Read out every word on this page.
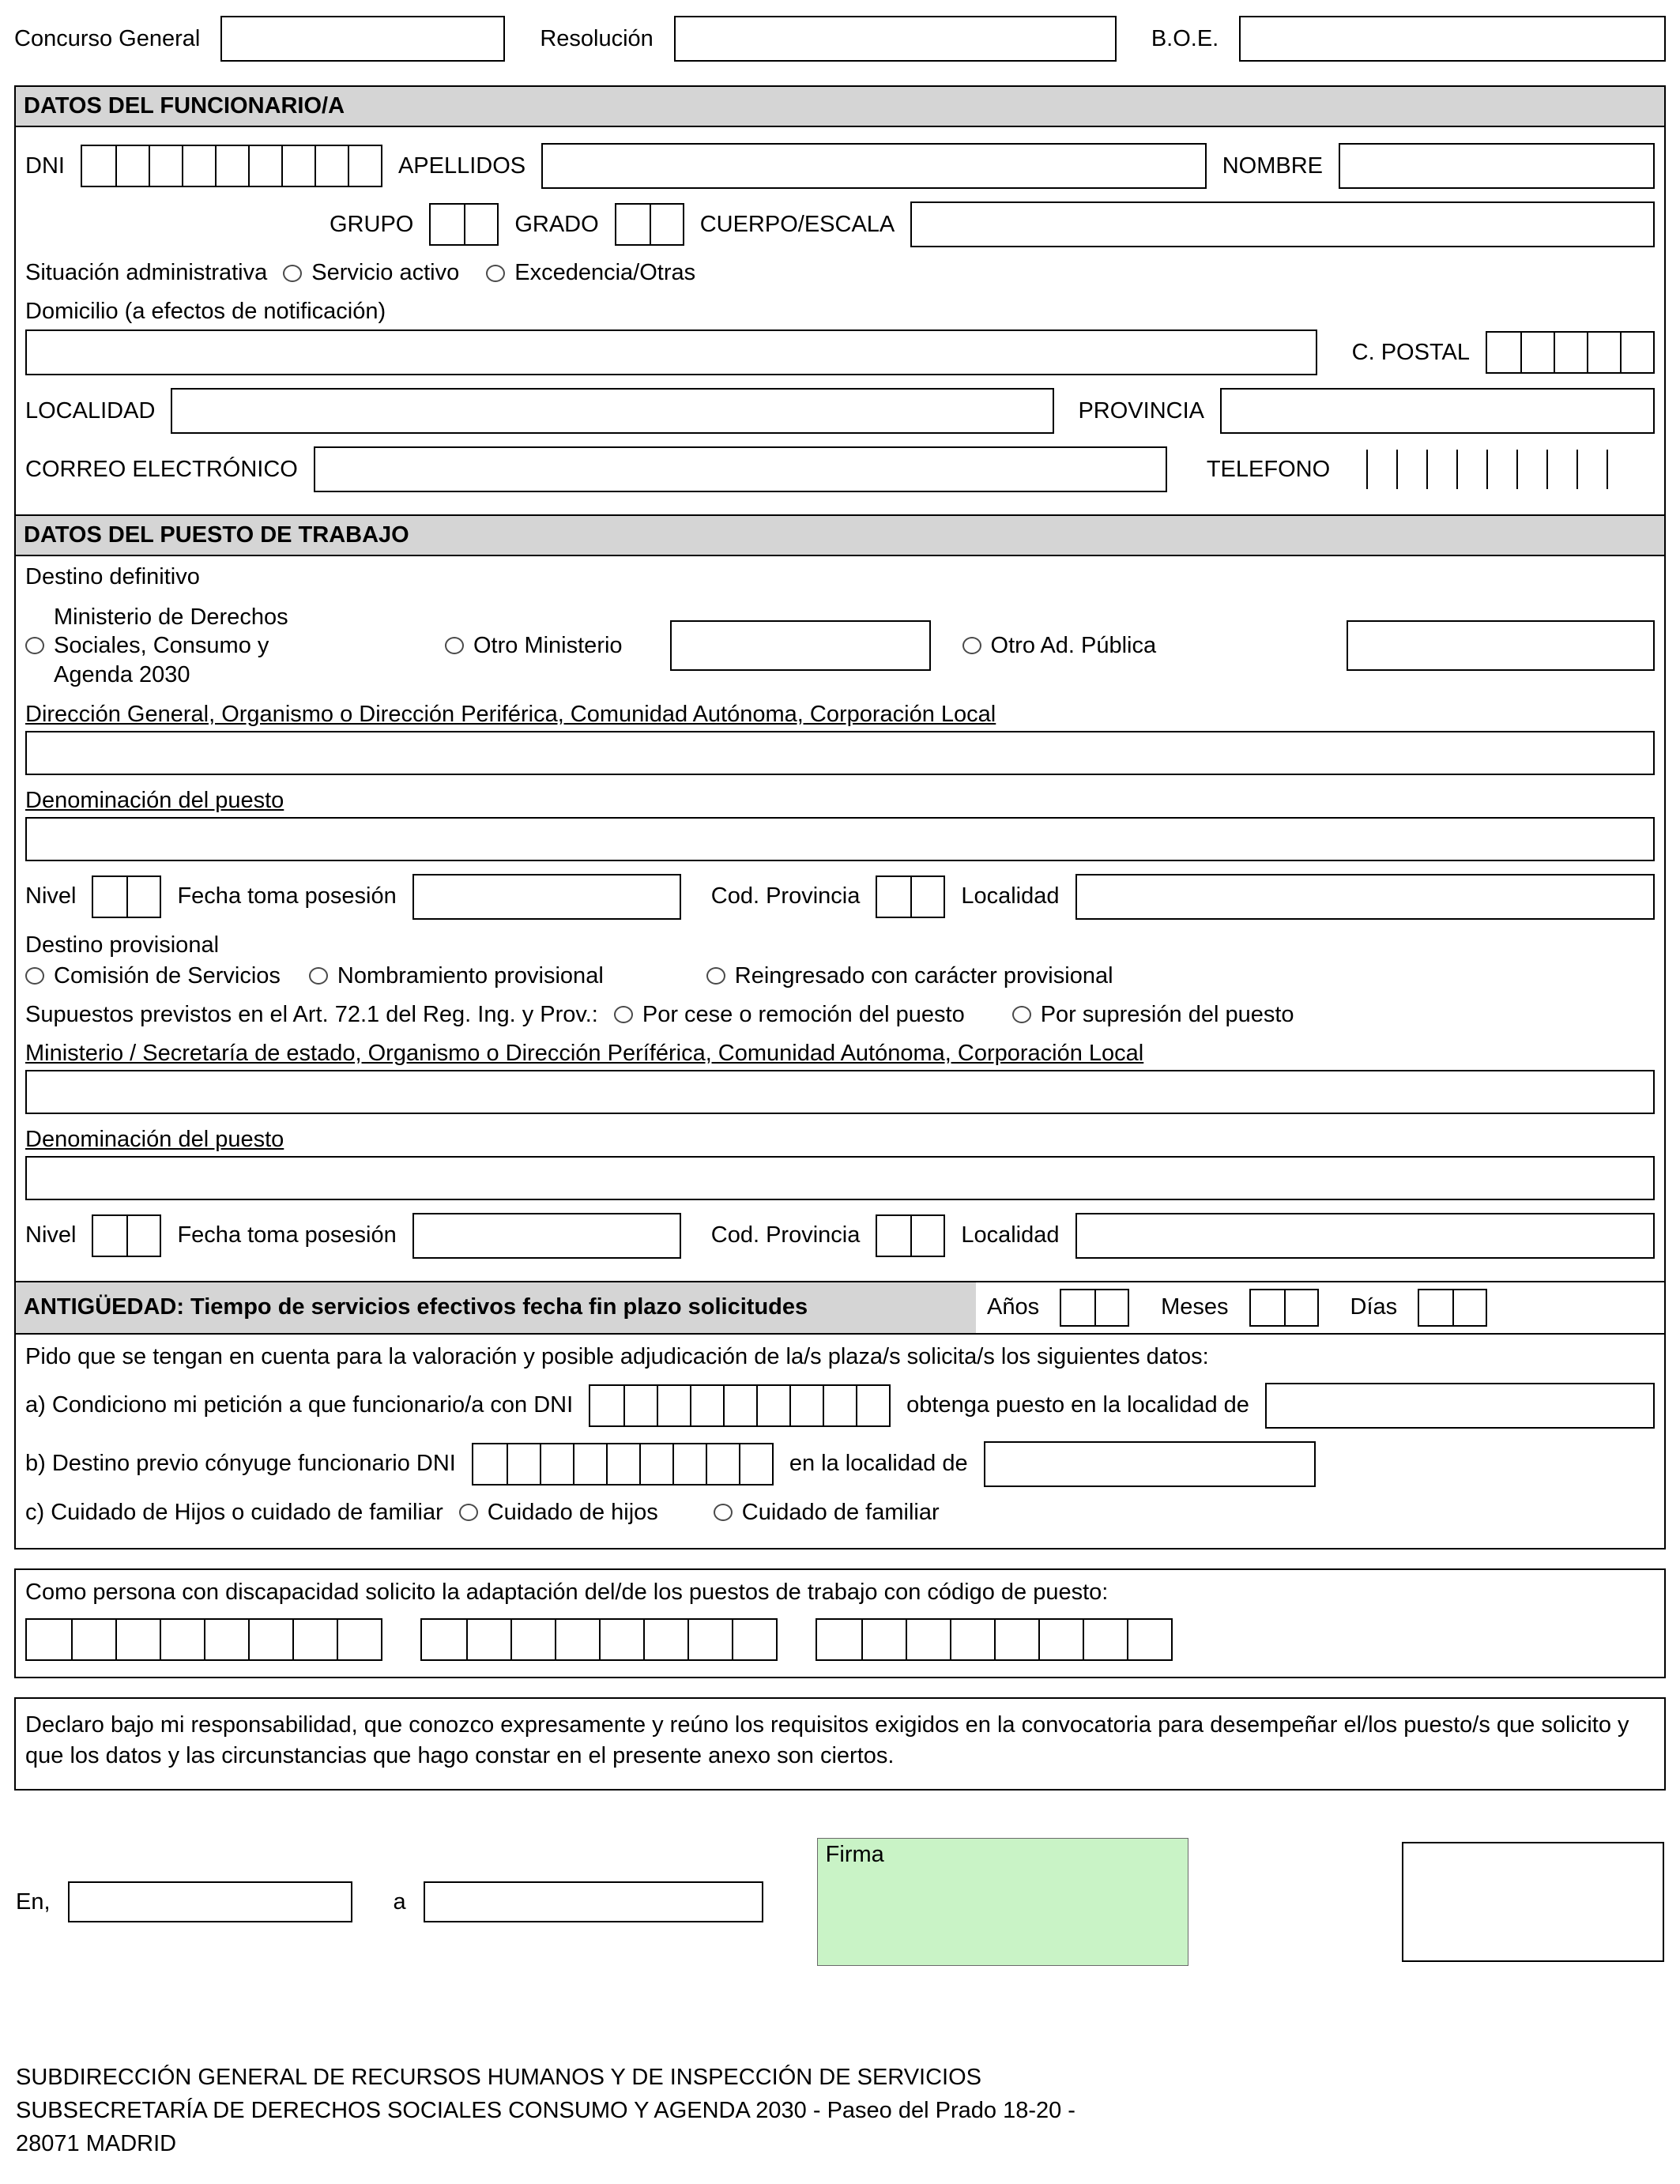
Concurso General	Resolución	B.O.E.
DATOS DEL FUNCIONARIO/A
DNI	APELLIDOS	NOMBRE
GRUPO	GRADO	CUERPO/ESCALA
Situación administrativa Servicio activo Excedencia/Otras
Domicilio (a efectos de notificación)
C. POSTAL
LOCALIDAD	PROVINCIA
CORREO ELECTRÓNICO	TELEFONO
DATOS DEL PUESTO DE TRABAJO
Destino definitivo
Ministerio de Derechos Sociales, Consumo y Agenda 2030
Otro Ministerio	Otro Ad. Pública
Dirección General, Organismo o Dirección Periférica, Comunidad Autónoma, Corporación Local
Denominación del puesto
Nivel	Fecha toma posesión	Cod. Provincia	Localidad
Destino provisional
Comisión de Servicios Nombramiento provisional	Reingresado con carácter provisional
Supuestos previstos en el Art. 72.1 del Reg. Ing. y Prov.: Por cese o remoción del puesto	Por supresión del puesto
Ministerio / Secretaría de estado, Organismo o Dirección Períférica, Comunidad Autónoma, Corporación Local
Denominación del puesto
Nivel	Fecha toma posesión	Cod. Provincia	Localidad
ANTIGÜEDAD: Tiempo de servicios efectivos fecha fin plazo solicitudes	Años	Meses	Días
Pido que se tengan en cuenta para la valoración y posible adjudicación de la/s plaza/s solicita/s los siguientes datos:
a) Condiciono mi petición a que funcionario/a con DNI	obtenga puesto en la localidad de
b) Destino previo cónyuge funcionario DNI	en la localidad de
c) Cuidado de Hijos o cuidado de familiar Cuidado de hijos	Cuidado de familiar
Como persona con discapacidad solicito la adaptación del/de los puestos de trabajo con código de puesto:
Declaro bajo mi responsabilidad, que conozco expresamente y reúno los requisitos exigidos en la convocatoria para desempeñar el/los puesto/s que solicito y que los datos y las circunstancias que hago constar en el presente anexo son ciertos.
En,	a
Firma
SUBDIRECCIÓN GENERAL DE RECURSOS HUMANOS Y DE INSPECCIÓN DE SERVICIOS
SUBSECRETARÍA DE DERECHOS SOCIALES CONSUMO Y AGENDA 2030 - Paseo del Prado 18-20 -
28071 MADRID
